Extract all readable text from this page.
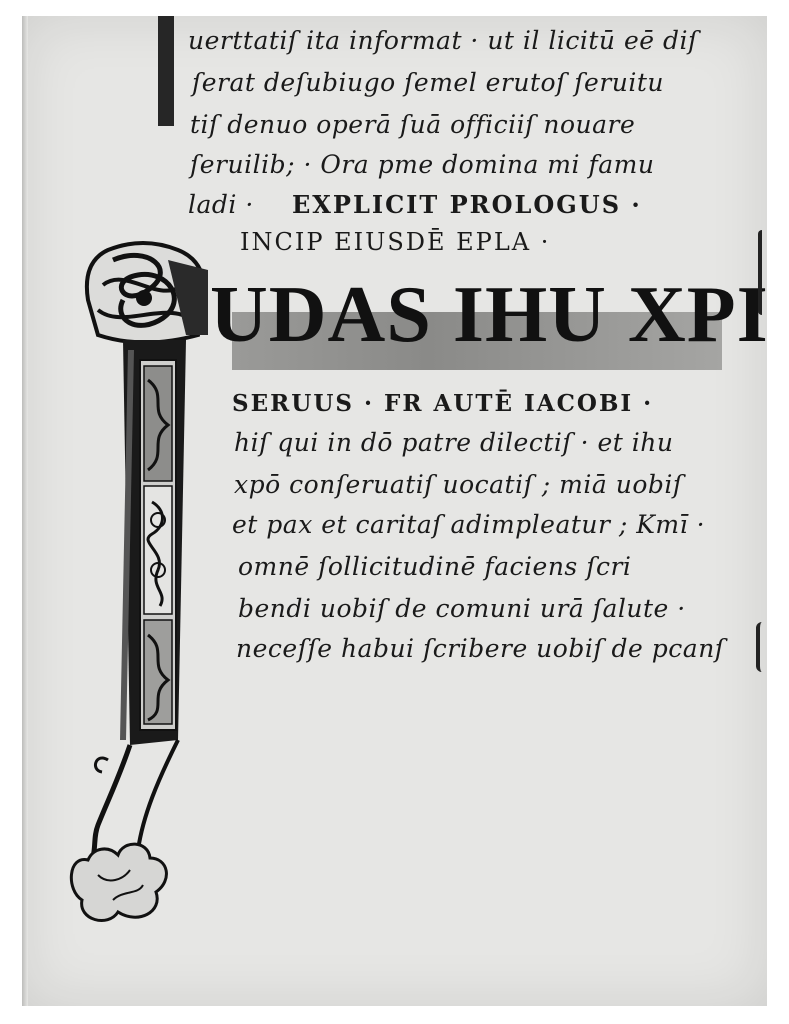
uerttatiſ ita informat · ut il licitū eē diſ
ſerat deſubiugo ſemel erutoſ ſeruitu
tiſ denuo operā ſuā officiiſ nouare
ſeruilib; · Ora pme domina mi famu
ladi · EXPLICIT PROLOGUS ·
INCIP EIUSDĒ EPLA ·
UDAS IHU XPI
SERUUS · FR AUTĒ IACOBI ·
hiſ qui in dō patre dilectiſ · et ihu
xpō conſeruatiſ uocatiſ ; miā uobiſ
et pax et caritaſ adimpleatur ; Kmī ·
omnē ſollicitudinē faciens ſcri
bendi uobiſ de comuni urā ſalute ·
neceſſe habui ſcribere uobiſ de pcanſ
